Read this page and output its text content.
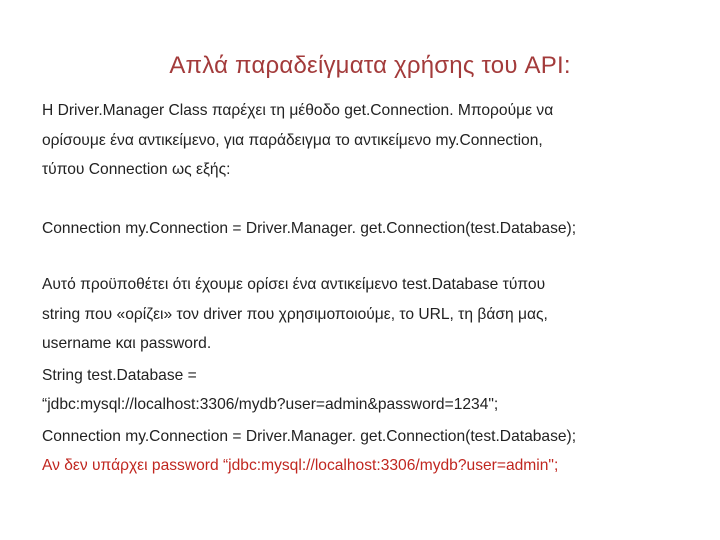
Απλά παραδείγματα χρήσης του API:

Η Driver.Manager Class παρέχει τη μέθοδο get.Connection. Μπορούμε να

ορίσουμε ένα αντικείμενο, για παράδειγμα το αντικείμενο my.Connection,

τύπου Connection ως εξής:

Connection my.Connection = Driver.Manager. get.Connection(test.Database);

Αυτό προϋποθέτει ότι έχουμε ορίσει ένα αντικείμενο test.Database τύπου

string που «ορίζει» τον driver που χρησιμοποιούμε, το URL, τη βάση μας,

username και password.

String test.Database =

“jdbc:mysql://localhost:3306/mydb?user=admin&password=1234";

Connection my.Connection = Driver.Manager. get.Connection(test.Database);

Αν δεν υπάρχει password “jdbc:mysql://localhost:3306/mydb?user=admin";
